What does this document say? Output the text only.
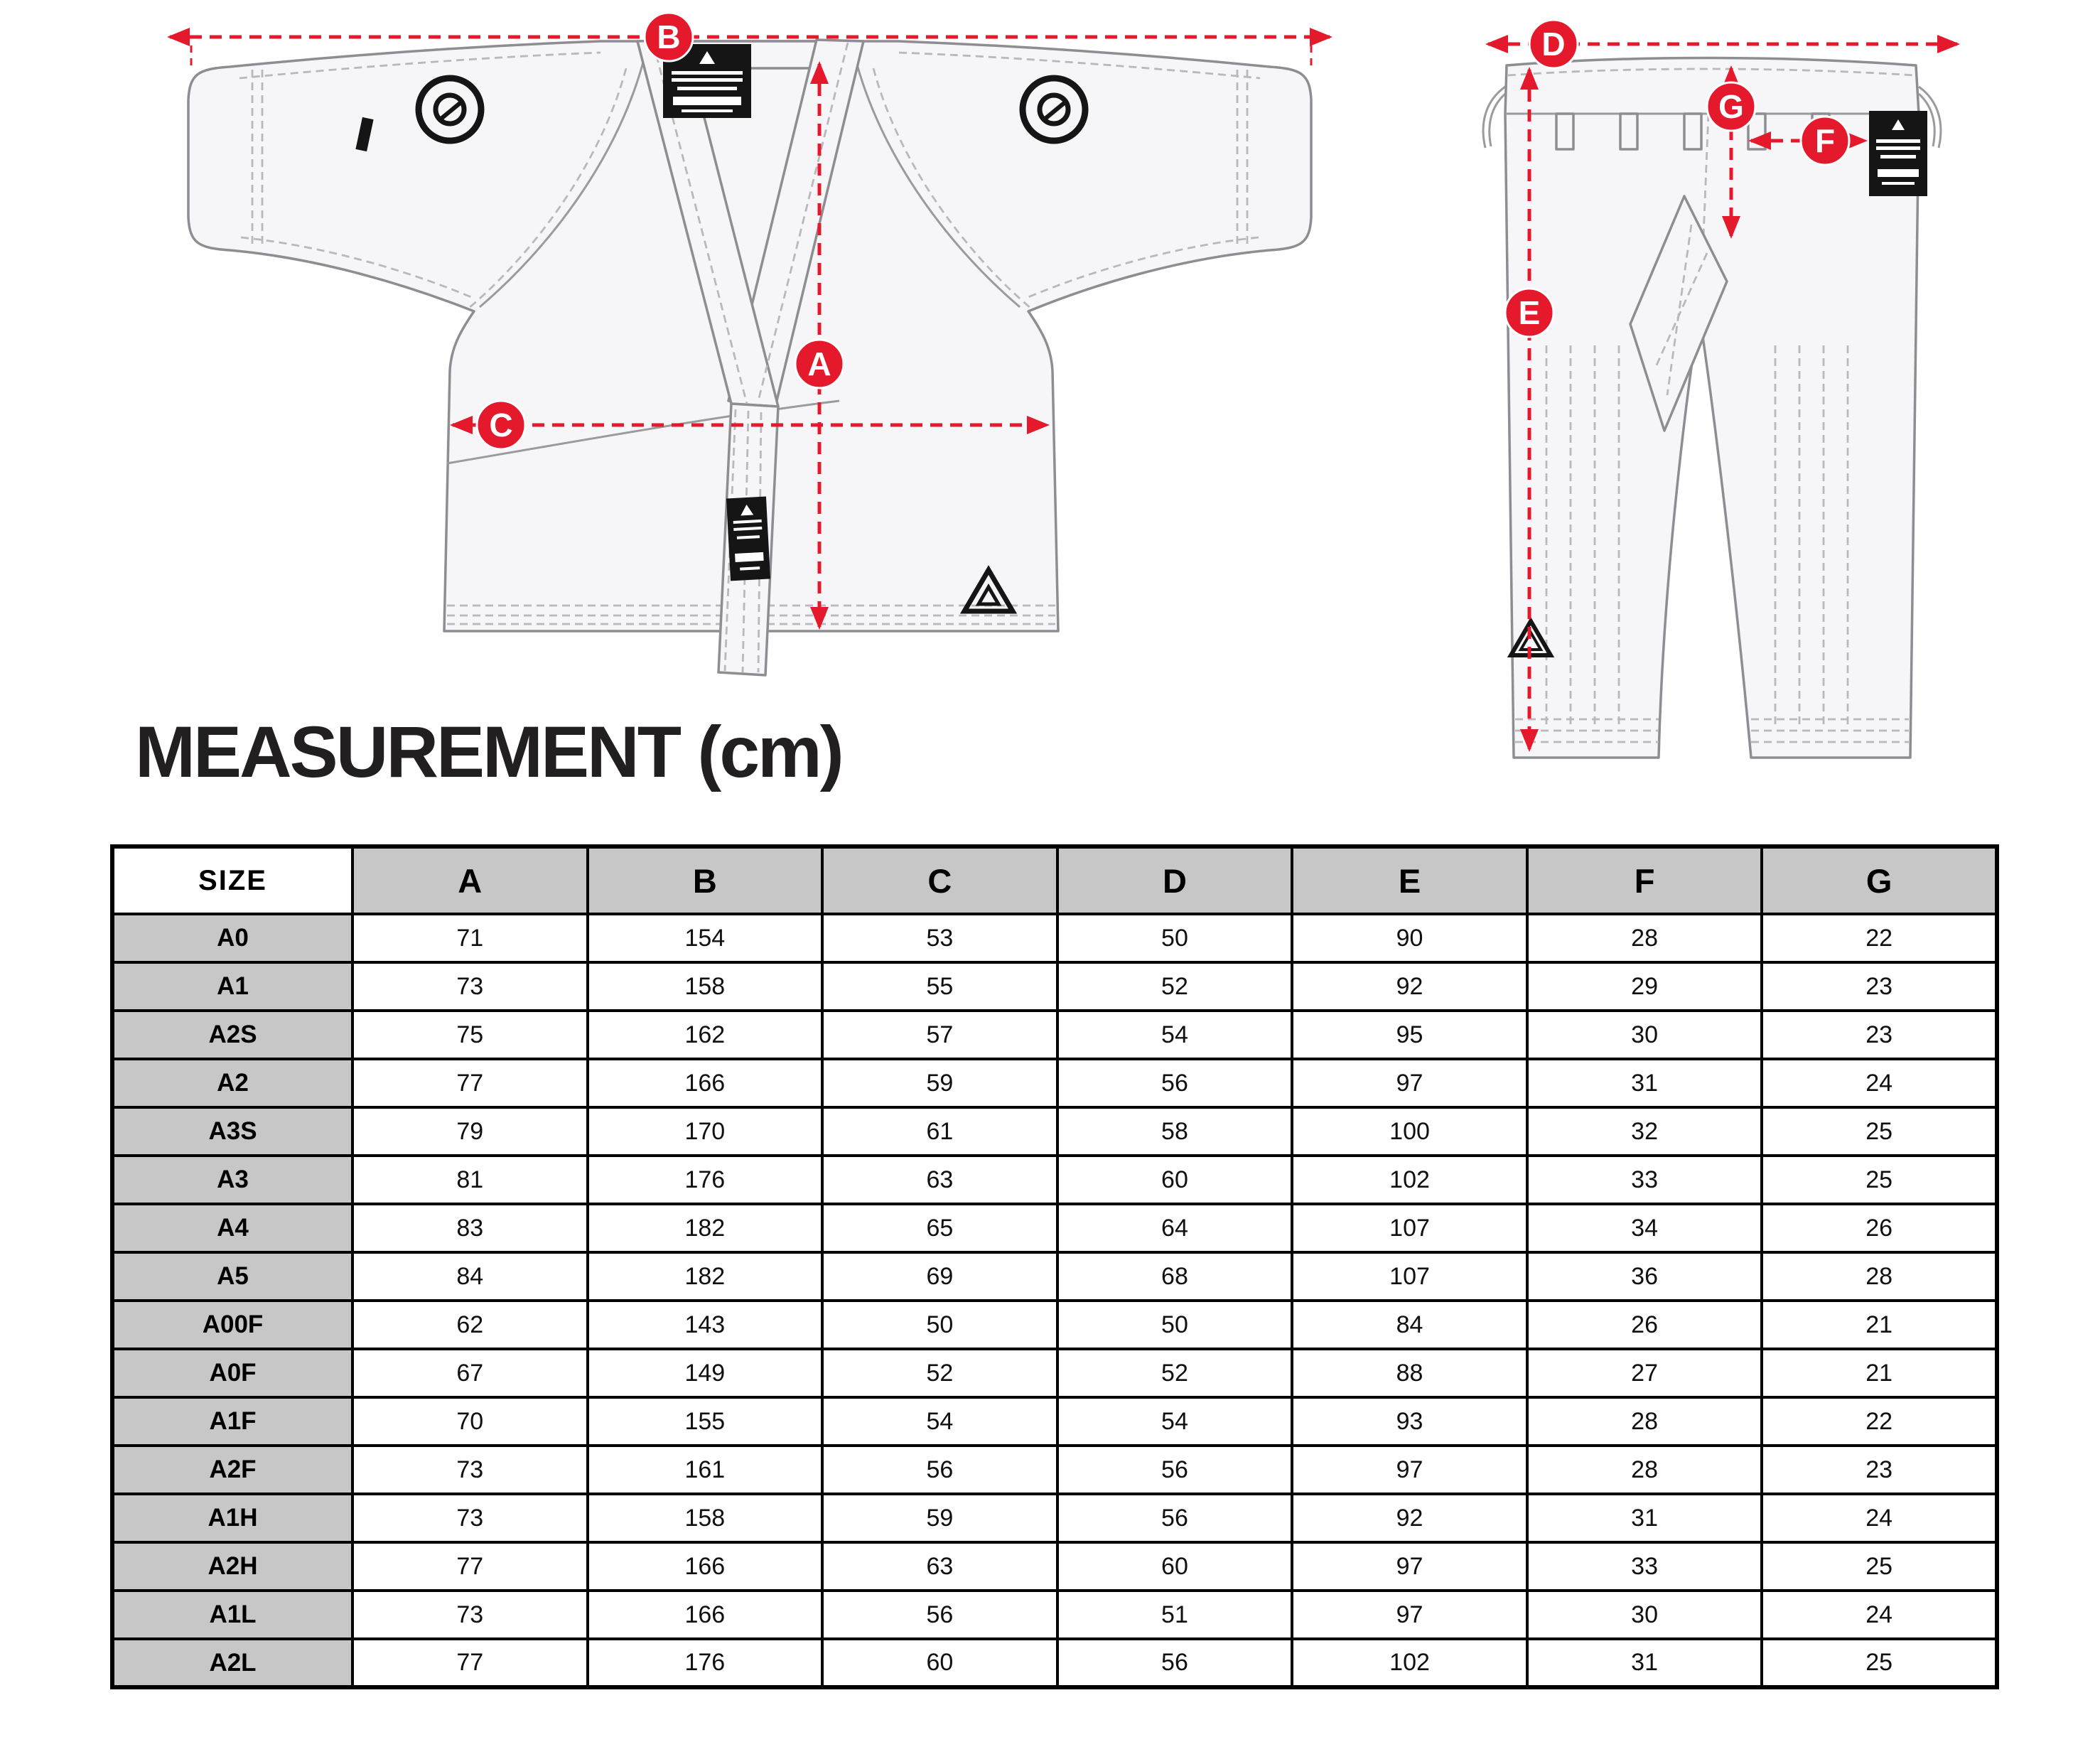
B
A
C
D
G
F
E
MEASUREMENT (cm)
SIZE	A	B	C	D	E	F	G
A0	71	154	53	50	90	28	22
A1	73	158	55	52	92	29	23
A2S	75	162	57	54	95	30	23
A2	77	166	59	56	97	31	24
A3S	79	170	61	58	100	32	25
A3	81	176	63	60	102	33	25
A4	83	182	65	64	107	34	26
A5	84	182	69	68	107	36	28
A00F	62	143	50	50	84	26	21
A0F	67	149	52	52	88	27	21
A1F	70	155	54	54	93	28	22
A2F	73	161	56	56	97	28	23
A1H	73	158	59	56	92	31	24
A2H	77	166	63	60	97	33	25
A1L	73	166	56	51	97	30	24
A2L	77	176	60	56	102	31	25
